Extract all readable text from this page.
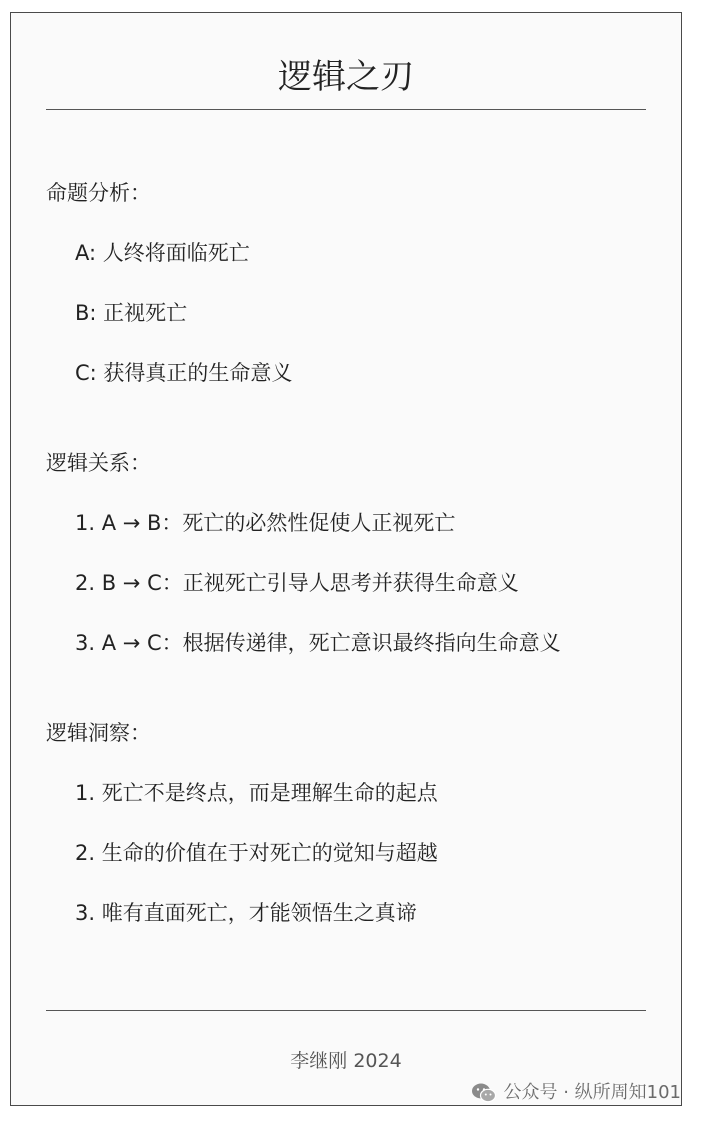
逻辑之刃
命题分析：
A: 人终将面临死亡
B: 正视死亡
C: 获得真正的生命意义
逻辑关系：
1. A → B：死亡的必然性促使人正视死亡
2. B → C：正视死亡引导人思考并获得生命意义
3. A → C：根据传递律，死亡意识最终指向生命意义
逻辑洞察：
1. 死亡不是终点，而是理解生命的起点
2. 生命的价值在于对死亡的觉知与超越
3. 唯有直面死亡，才能领悟生之真谛
李继刚 2024
公众号 · 纵所周知101
